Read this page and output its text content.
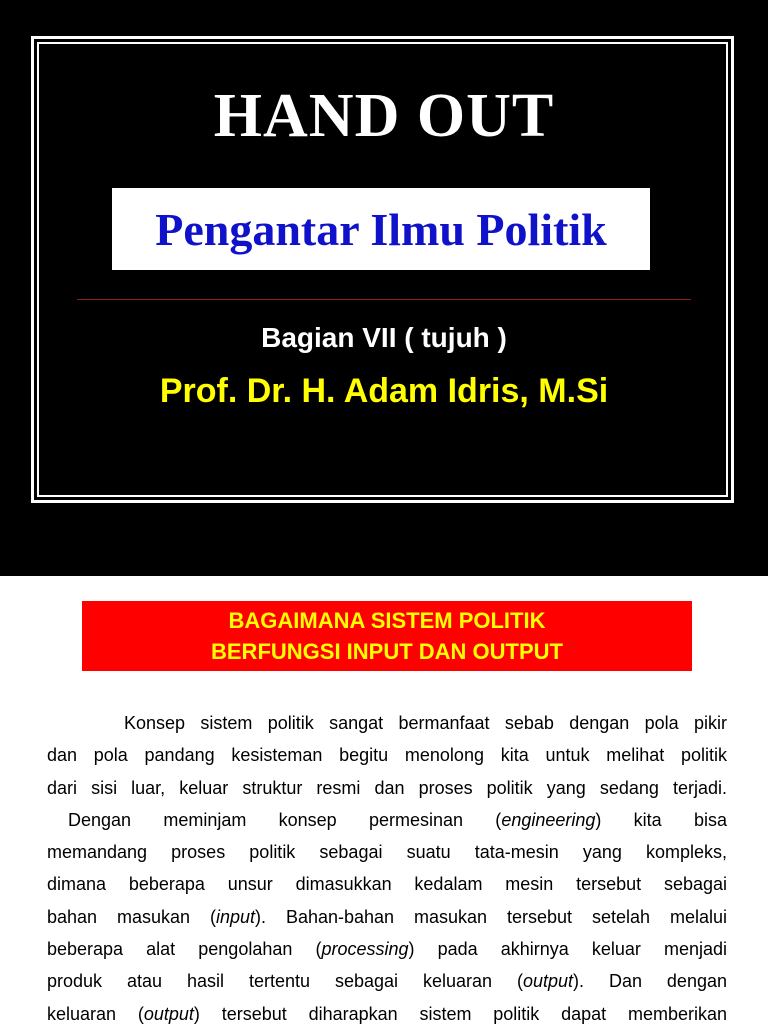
HAND OUT
Pengantar Ilmu Politik
Bagian VII ( tujuh )
Prof. Dr. H. Adam Idris, M.Si
BAGAIMANA SISTEM POLITIK
BERFUNGSI INPUT DAN OUTPUT
Konsep sistem politik sangat bermanfaat sebab dengan pola pikir
dan pola pandang kesisteman begitu menolong kita untuk melihat politik
dari sisi luar, keluar struktur resmi dan proses politik yang sedang terjadi.
Dengan meminjam konsep permesinan (engineering) kita bisa
memandang proses politik sebagai suatu tata-mesin yang kompleks,
dimana beberapa unsur dimasukkan kedalam mesin tersebut sebagai
bahan masukan (input). Bahan-bahan masukan tersebut setelah melalui
beberapa alat pengolahan (processing) pada akhirnya keluar menjadi
produk atau hasil tertentu sebagai keluaran (output). Dan dengan
keluaran (output) tersebut diharapkan sistem politik dapat memberikan
